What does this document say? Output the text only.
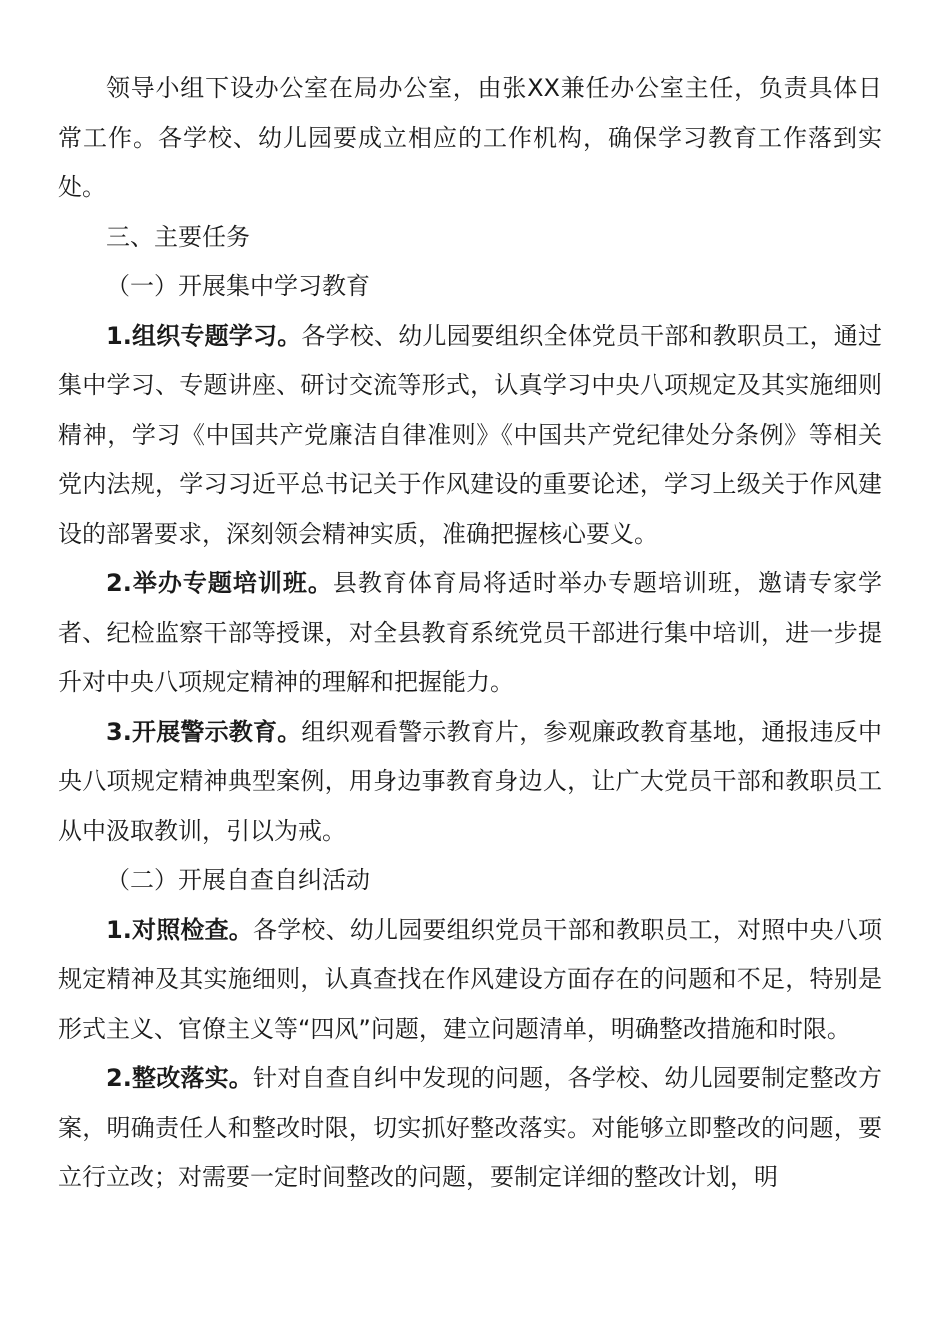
领导小组下设办公室在局办公室，由张XX兼任办公室主任，负责具体日常工作。各学校、幼儿园要成立相应的工作机构，确保学习教育工作落到实处。

三、主要任务

（一）开展集中学习教育

1.组织专题学习。各学校、幼儿园要组织全体党员干部和教职员工，通过集中学习、专题讲座、研讨交流等形式，认真学习中央八项规定及其实施细则精神，学习《中国共产党廉洁自律准则》《中国共产党纪律处分条例》等相关党内法规，学习习近平总书记关于作风建设的重要论述，学习上级关于作风建设的部署要求，深刻领会精神实质，准确把握核心要义。

2.举办专题培训班。县教育体育局将适时举办专题培训班，邀请专家学者、纪检监察干部等授课，对全县教育系统党员干部进行集中培训，进一步提升对中央八项规定精神的理解和把握能力。

3.开展警示教育。组织观看警示教育片，参观廉政教育基地，通报违反中央八项规定精神典型案例，用身边事教育身边人，让广大党员干部和教职员工从中汲取教训，引以为戒。

（二）开展自查自纠活动

1.对照检查。各学校、幼儿园要组织党员干部和教职员工，对照中央八项规定精神及其实施细则，认真查找在作风建设方面存在的问题和不足，特别是形式主义、官僚主义等“四风”问题，建立问题清单，明确整改措施和时限。

2.整改落实。针对自查自纠中发现的问题，各学校、幼儿园要制定整改方案，明确责任人和整改时限，切实抓好整改落实。对能够立即整改的问题，要立行立改；对需要一定时间整改的问题，要制定详细的整改计划，明
